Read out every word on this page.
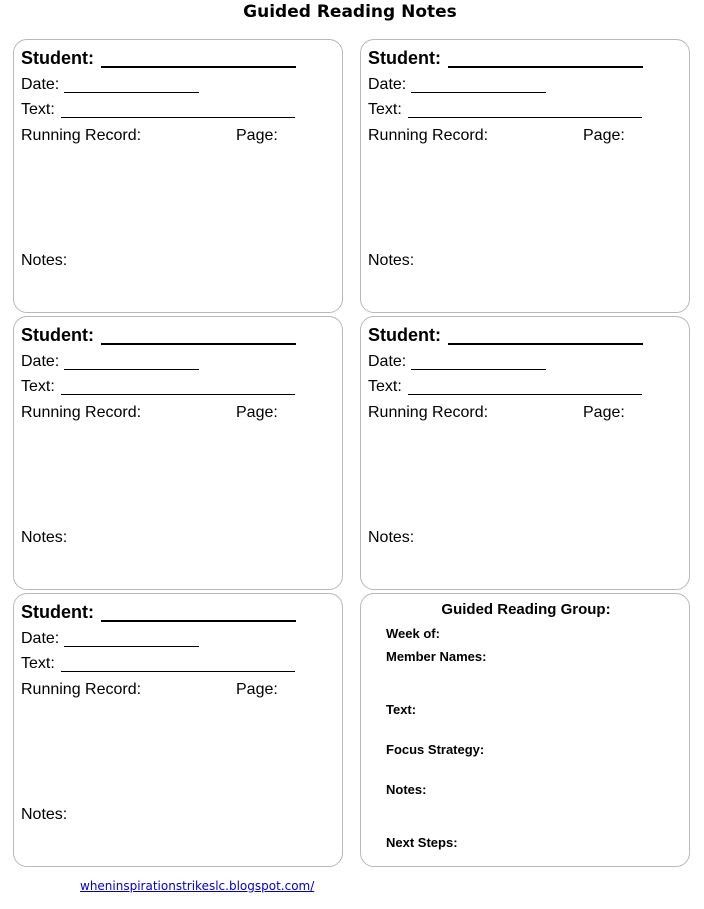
Guided Reading Notes
Student:
Date:
Text:
Running Record:	Page:
Notes:
Student:
Date:
Text:
Running Record:	Page:
Notes:
Student:
Date:
Text:
Running Record:	Page:
Notes:
Student:
Date:
Text:
Running Record:	Page:
Notes:
Student:
Date:
Text:
Running Record:	Page:
Notes:
Guided Reading Group:
Week of:
Member Names:
Text:
Focus Strategy:
Notes:
Next Steps:
wheninspirationstrikeslc.blogspot.com/
